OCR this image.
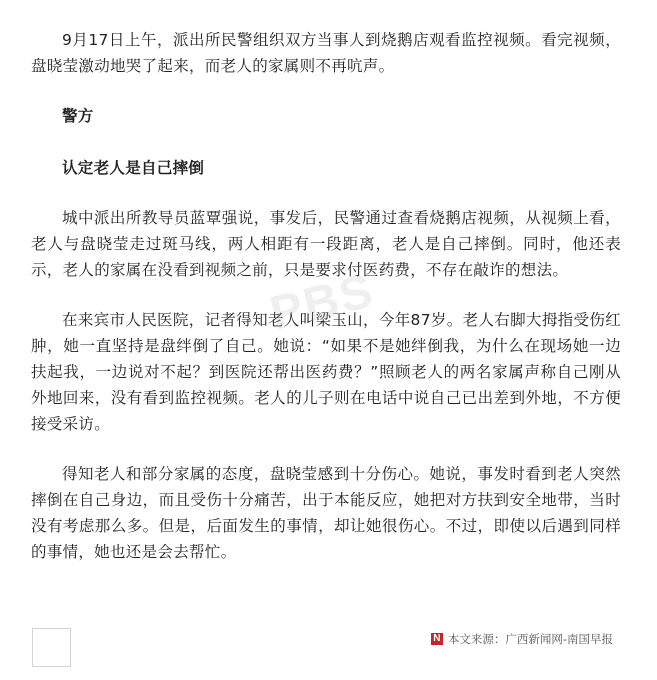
9月17日上午，派出所民警组织双方当事人到烧鹅店观看监控视频。看完视频，盘晓莹激动地哭了起来，而老人的家属则不再吭声。

警方

认定老人是自己摔倒

城中派出所教导员蓝覃强说，事发后，民警通过查看烧鹅店视频，从视频上看，老人与盘晓莹走过斑马线，两人相距有一段距离，老人是自己摔倒。同时，他还表示，老人的家属在没看到视频之前，只是要求付医药费，不存在敲诈的想法。

在来宾市人民医院，记者得知老人叫梁玉山，今年87岁。老人右脚大拇指受伤红肿，她一直坚持是盘绊倒了自己。她说：“如果不是她绊倒我，为什么在现场她一边扶起我，一边说对不起？到医院还帮出医药费？”照顾老人的两名家属声称自己刚从外地回来，没有看到监控视频。老人的儿子则在电话中说自己已出差到外地，不方便接受采访。

得知老人和部分家属的态度，盘晓莹感到十分伤心。她说，事发时看到老人突然摔倒在自己身边，而且受伤十分痛苦，出于本能反应，她把对方扶到安全地带，当时没有考虑那么多。但是，后面发生的事情，却让她很伤心。不过，即使以后遇到同样的事情，她也还是会去帮忙。

PBS
N 本文来源：广西新闻网-南国早报
